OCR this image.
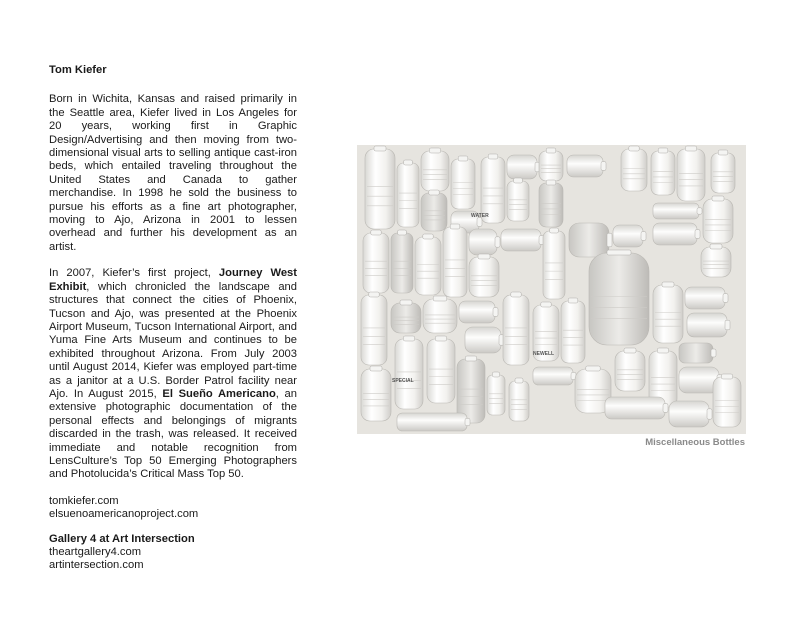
Tom Kiefer

Born in Wichita, Kansas and raised primarily in the Seattle area, Kiefer lived in Los Angeles for 20 years, working first in Graphic Design/Advertising and then moving from two-dimensional visual arts to selling antique cast-iron beds, which entailed traveling throughout the United States and Canada to gather merchandise. In 1998 he sold the business to pursue his efforts as a fine art photographer, moving to Ajo, Arizona in 2001 to lessen overhead and further his development as an artist.

In 2007, Kiefer’s first project, Journey West Exhibit, which chronicled the landscape and structures that connect the cities of Phoenix, Tucson and Ajo, was presented at the Phoenix Airport Museum, Tucson International Airport, and Yuma Fine Arts Museum and continues to be exhibited throughout Arizona. From July 2003 until August 2014, Kiefer was employed part-time as a janitor at a U.S. Border Patrol facility near Ajo. In August 2015, El Sueño Americano, an extensive photographic documentation of the personal effects and belongings of migrants discarded in the trash, was released. It received immediate and notable recognition from LensCulture’s Top 50 Emerging Photographers and Photolucida’s Critical Mass Top 50.

tomkiefer.com
elsuenoamericanoproject.com
Gallery 4 at Art Intersection
theartgallery4.com
artintersection.com
SPECIAL
NEWELL
WATER
Miscellaneous Bottles
